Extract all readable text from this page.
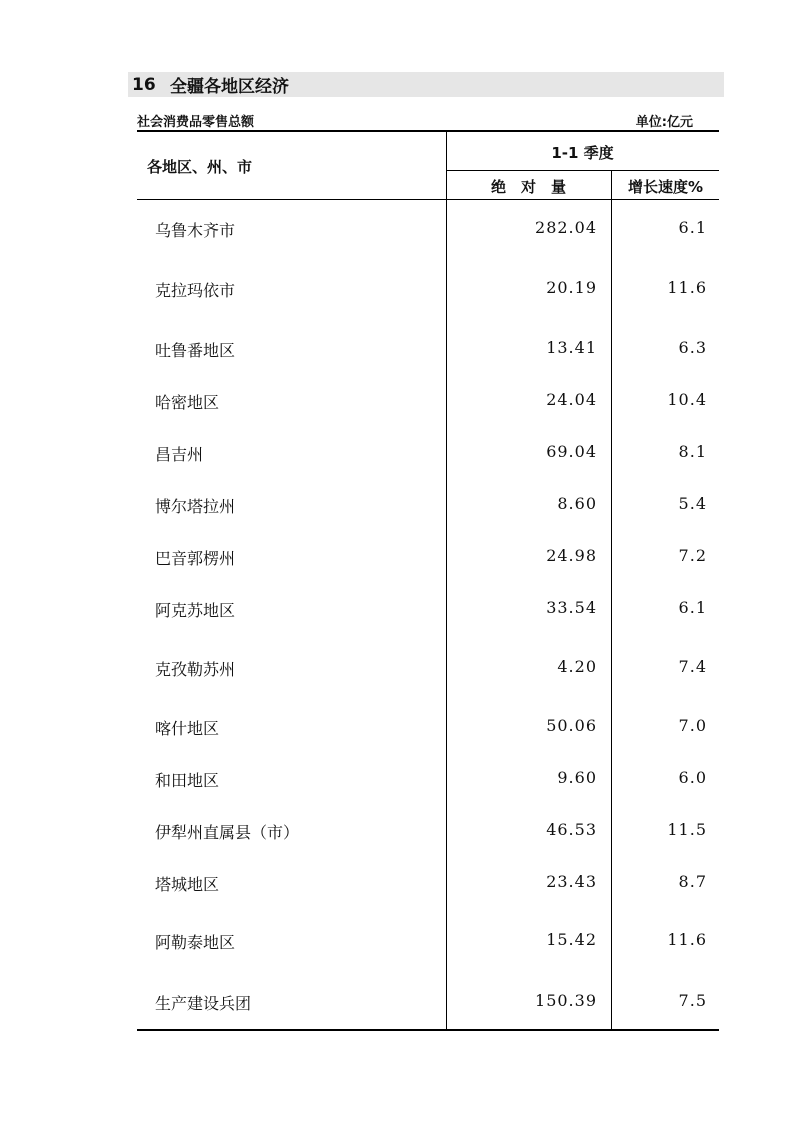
16 全疆各地区经济
社会消费品零售总额	单位:亿元
各地区、州、市
1-1 季度
绝　对　量	增长速度%
乌鲁木齐市	282.04	6.1
克拉玛依市	20.19	11.6
吐鲁番地区	13.41	6.3
哈密地区	24.04	10.4
昌吉州	69.04	8.1
博尔塔拉州	8.60	5.4
巴音郭楞州	24.98	7.2
阿克苏地区	33.54	6.1
克孜勒苏州	4.20	7.4
喀什地区	50.06	7.0
和田地区	9.60	6.0
伊犁州直属县（市）	46.53	11.5
塔城地区	23.43	8.7
阿勒泰地区	15.42	11.6
生产建设兵团	150.39	7.5
